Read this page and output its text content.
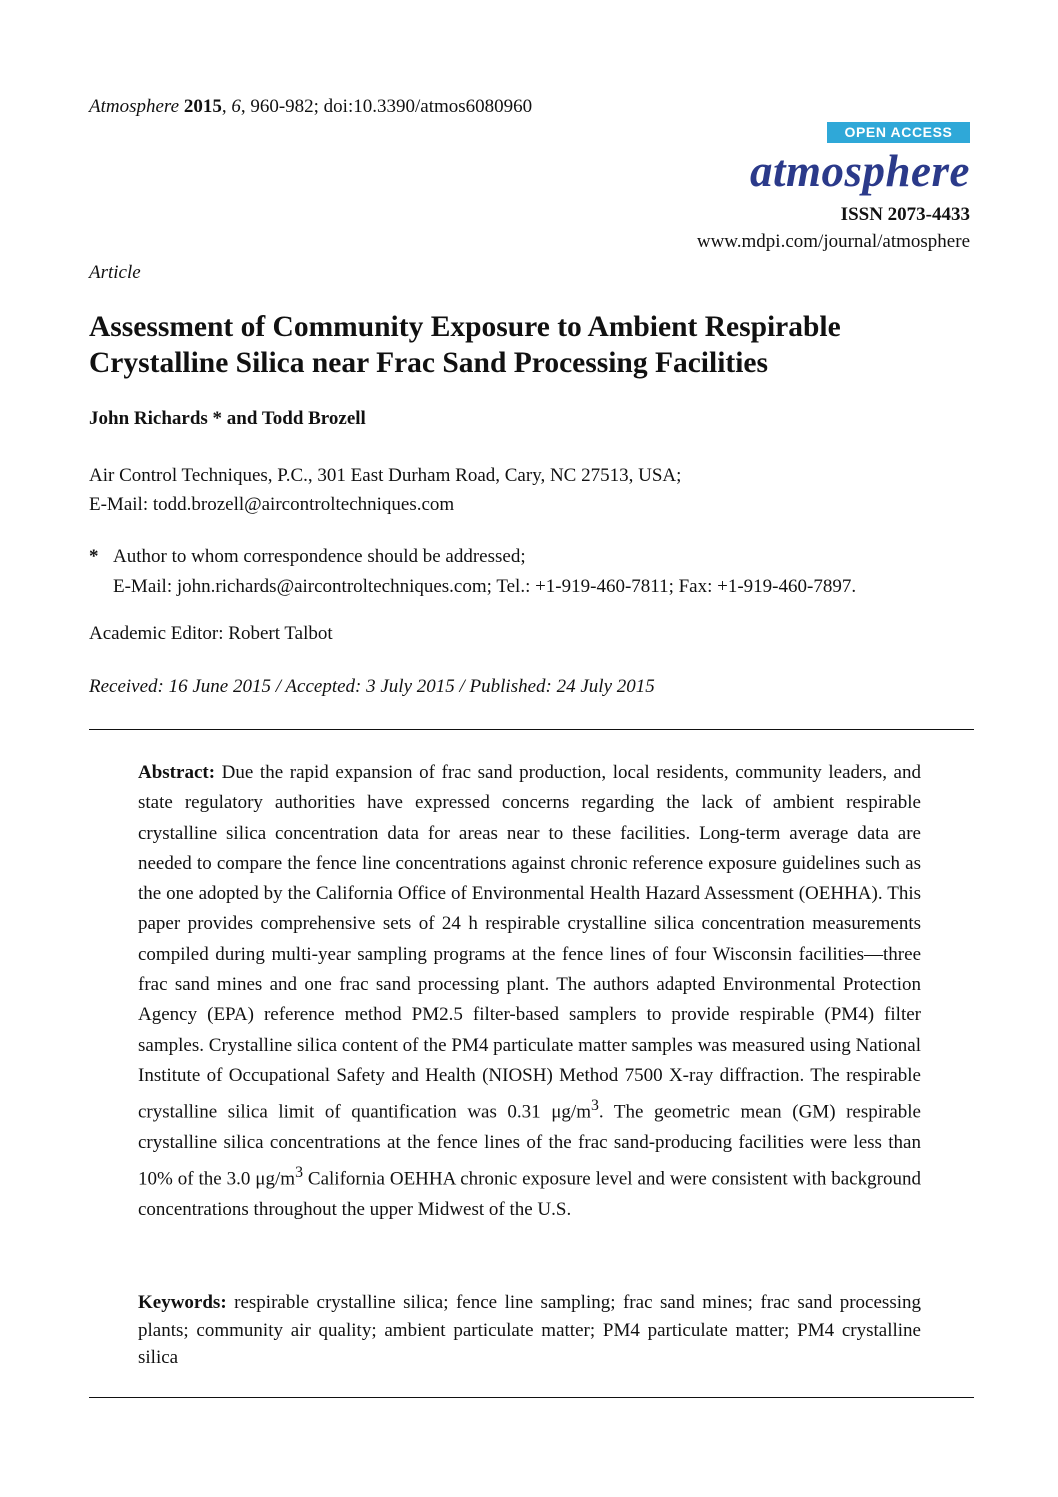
Atmosphere 2015, 6, 960-982; doi:10.3390/atmos6080960
OPEN ACCESS
atmosphere
ISSN 2073-4433
www.mdpi.com/journal/atmosphere
Article
Assessment of Community Exposure to Ambient Respirable
Crystalline Silica near Frac Sand Processing Facilities
John Richards * and Todd Brozell
Air Control Techniques, P.C., 301 East Durham Road, Cary, NC 27513, USA;
E-Mail: todd.brozell@aircontroltechniques.com
* Author to whom correspondence should be addressed;
E-Mail: john.richards@aircontroltechniques.com; Tel.: +1-919-460-7811; Fax: +1-919-460-7897.
Academic Editor: Robert Talbot
Received: 16 June 2015 / Accepted: 3 July 2015 / Published: 24 July 2015

Abstract: Due the rapid expansion of frac sand production, local residents, community leaders, and state regulatory authorities have expressed concerns regarding the lack of ambient respirable crystalline silica concentration data for areas near to these facilities. Long-term average data are needed to compare the fence line concentrations against chronic reference exposure guidelines such as the one adopted by the California Office of Environmental Health Hazard Assessment (OEHHA). This paper provides comprehensive sets of 24 h respirable crystalline silica concentration measurements compiled during multi-year sampling programs at the fence lines of four Wisconsin facilities—three frac sand mines and one frac sand processing plant. The authors adapted Environmental Protection Agency (EPA) reference method PM2.5 filter-based samplers to provide respirable (PM4) filter samples. Crystalline silica content of the PM4 particulate matter samples was measured using National Institute of Occupational Safety and Health (NIOSH) Method 7500 X-ray diffraction. The respirable crystalline silica limit of quantification was 0.31 $\mu g/m^3$. The geometric mean (GM) respirable crystalline silica concentrations at the fence lines of the frac sand-producing facilities were less than 10% of the 3.0 $\mu g/m^3$ California OEHHA chronic exposure level and were consistent with background concentrations throughout the upper Midwest of the U.S.

Keywords: respirable crystalline silica; fence line sampling; frac sand mines; frac sand processing plants; community air quality; ambient particulate matter; PM4 particulate matter; PM4 crystalline silica
